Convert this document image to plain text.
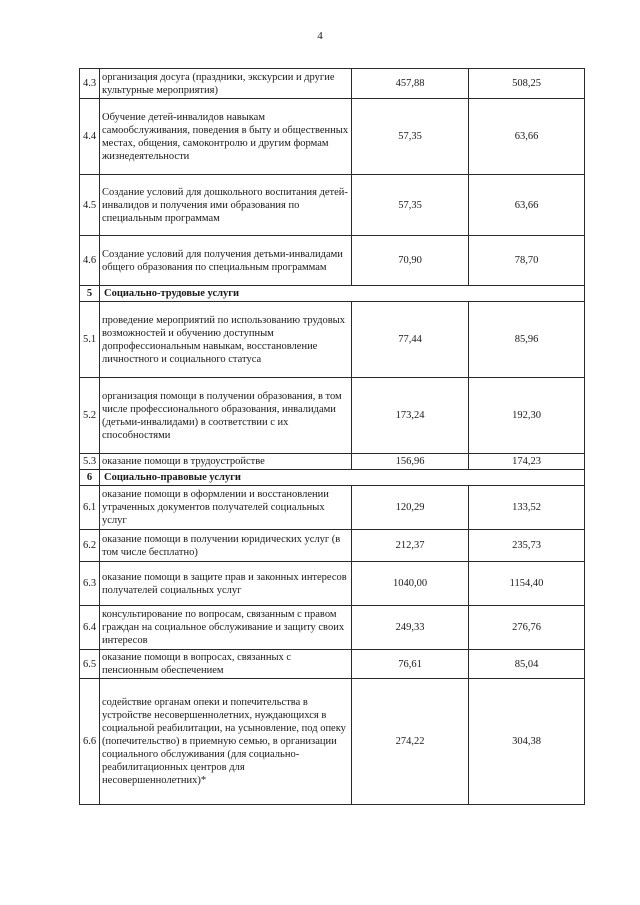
4
4.3	организация досуга (праздники, экскурсии и другие культурные мероприятия)	457,88	508,25
4.4	Обучение детей-инвалидов навыкам самообслуживания, поведения в быту и общественных местах, общения, самоконтролю и другим формам жизнедеятельности	57,35	63,66
4.5	Создание условий для дошкольного воспитания детей-инвалидов и получения ими образования по специальным программам	57,35	63,66
4.6	Создание условий для получения детьми-инвалидами общего образования по специальным программам	70,90	78,70
5	Социально-трудовые услуги		
5.1	проведение мероприятий по использованию трудовых возможностей и обучению доступным допрофессиональным навыкам, восстановление личностного и социального статуса	77,44	85,96
5.2	организация помощи в получении образования, в том числе профессионального образования, инвалидами (детьми-инвалидами) в соответствии с их способностями	173,24	192,30
5.3	оказание помощи в трудоустройстве	156,96	174,23
6	Социально-правовые услуги		
6.1	оказание помощи в оформлении и восстановлении утраченных документов получателей социальных услуг	120,29	133,52
6.2	оказание помощи в получении юридических услуг (в том числе бесплатно)	212,37	235,73
6.3	оказание помощи в защите прав и законных интересов получателей социальных услуг	1040,00	1154,40
6.4	консультирование по вопросам, связанным с правом граждан на социальное обслуживание и защиту своих интересов	249,33	276,76
6.5	оказание помощи в вопросах, связанных с пенсионным обеспечением	76,61	85,04
6.6	содействие органам опеки и попечительства в устройстве несовершеннолетних, нуждающихся в социальной реабилитации, на усыновление, под опеку (попечительство) в приемную семью, в организации социального обслуживания (для социально-реабилитационных центров для несовершеннолетних)*	274,22	304,38
